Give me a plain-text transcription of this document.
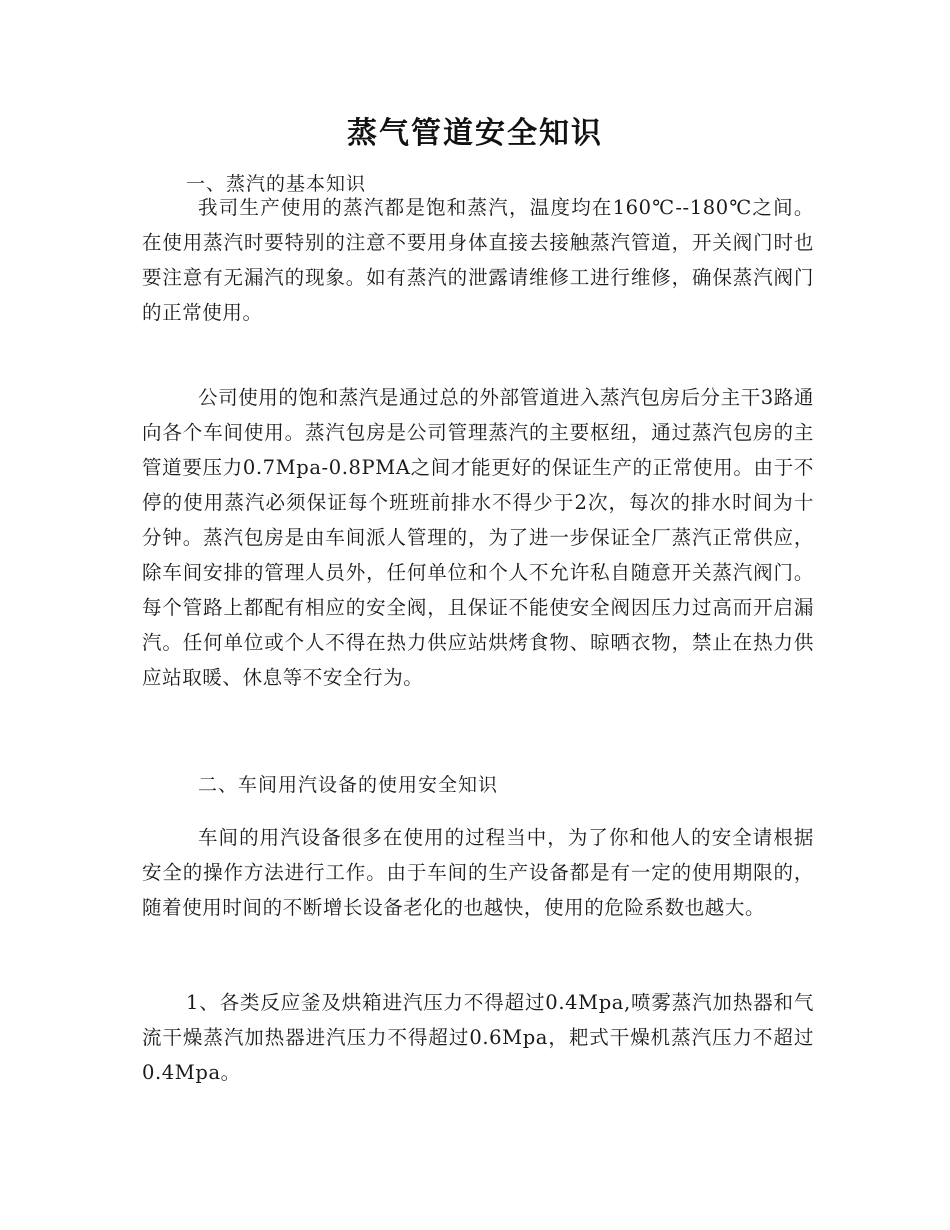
蒸气管道安全知识
一、蒸汽的基本知识

我司生产使用的蒸汽都是饱和蒸汽，温度均在160℃--180℃之间。在使用蒸汽时要特别的注意不要用身体直接去接触蒸汽管道，开关阀门时也要注意有无漏汽的现象。如有蒸汽的泄露请维修工进行维修，确保蒸汽阀门的正常使用。

公司使用的饱和蒸汽是通过总的外部管道进入蒸汽包房后分主干3路通向各个车间使用。蒸汽包房是公司管理蒸汽的主要枢纽，通过蒸汽包房的主管道要压力0.7Mpa-0.8PMA之间才能更好的保证生产的正常使用。由于不停的使用蒸汽必须保证每个班班前排水不得少于2次，每次的排水时间为十分钟。蒸汽包房是由车间派人管理的，为了进一步保证全厂蒸汽正常供应，除车间安排的管理人员外，任何单位和个人不允许私自随意开关蒸汽阀门。每个管路上都配有相应的安全阀，且保证不能使安全阀因压力过高而开启漏汽。任何单位或个人不得在热力供应站烘烤食物、晾晒衣物，禁止在热力供应站取暖、休息等不安全行为。

二、车间用汽设备的使用安全知识

车间的用汽设备很多在使用的过程当中，为了你和他人的安全请根据安全的操作方法进行工作。由于车间的生产设备都是有一定的使用期限的，随着使用时间的不断增长设备老化的也越快，使用的危险系数也越大。

1、各类反应釜及烘箱进汽压力不得超过0.4Mpa,喷雾蒸汽加热器和气流干燥蒸汽加热器进汽压力不得超过0.6Mpa，耙式干燥机蒸汽压力不超过0.4Mpa。
